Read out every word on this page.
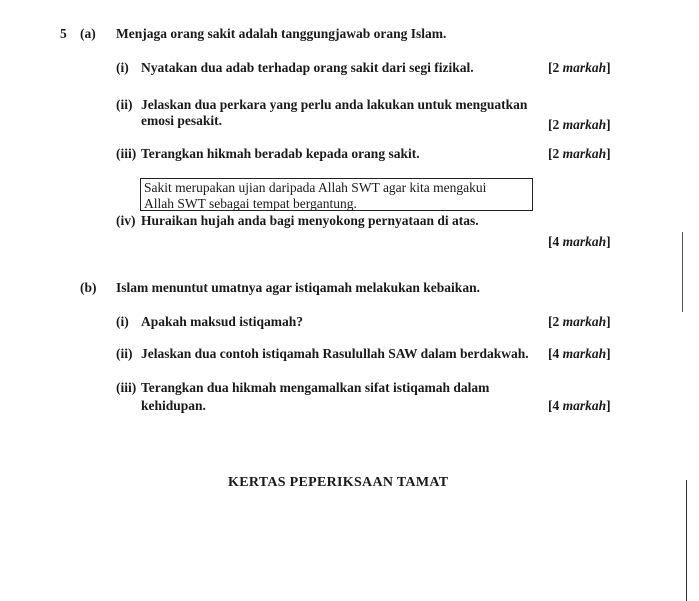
5 (a) Menjaga orang sakit adalah tanggungjawab orang Islam.
(i) Nyatakan dua adab terhadap orang sakit dari segi fizikal.	[2 markah]
(ii) Jelaskan dua perkara yang perlu anda lakukan untuk menguatkan
emosi pesakit.	[2 markah]
(iii) Terangkan hikmah beradab kepada orang sakit.	[2 markah]
Sakit merupakan ujian daripada Allah SWT agar kita mengakui
Allah SWT sebagai tempat bergantung.
(iv) Huraikan hujah anda bagi menyokong pernyataan di atas.
[4 markah]
(b) Islam menuntut umatnya agar istiqamah melakukan kebaikan.
(i) Apakah maksud istiqamah?	[2 markah]
(ii) Jelaskan dua contoh istiqamah Rasulullah SAW dalam berdakwah. [4 markah]
(iii) Terangkan dua hikmah mengamalkan sifat istiqamah dalam
kehidupan.	[4 markah]
KERTAS PEPERIKSAAN TAMAT
